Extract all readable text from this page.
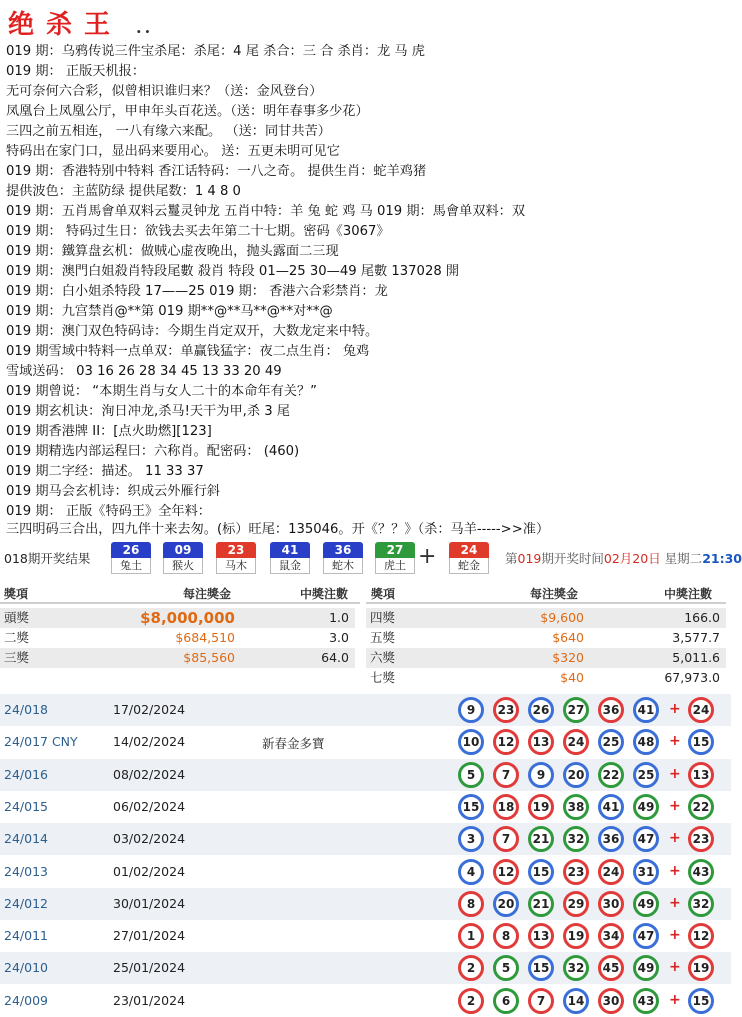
绝杀王 ..
019 期：乌鸦传说三件宝杀尾：杀尾：4 尾 杀合：三 合 杀肖：龙 马 虎
019 期： 正版天机报：
无可奈何六合彩，似曾相识谁归来？（送：金风登台）
凤凰台上凤凰公厅，甲申年头百花送。（送：明年春事多少花）
三四之前五相连， 一八有缘六来配。 （送：同甘共苦）
特码出在家门口，显出码来要用心。 送：五更未明可见它
019 期：香港特别中特料 香江话特码：一八之奇。 提供生肖：蛇羊鸡猪
提供波色：主蓝防绿 提供尾数：1 4 8 0
019 期：五肖馬會单双料云鬘灵钟龙 五肖中特：羊 兔 蛇 鸡 马 019 期：馬會单双料：双
019 期： 特码过生日：欲钱去买去年第二十七期。密码《3067》
019 期：鐵算盘玄机：做贼心虚夜晚出，抛头露面二三现
019 期：澳門白姐殺肖特段尾數 殺肖 特段 01—25 30—49 尾數 137028 開
019 期：白小姐杀特段 17——25 019 期： 香港六合彩禁肖：龙
019 期：九宫禁肖@**第 019 期**@**马**@**对**@
019 期：澳门双色特码诗：今期生肖定双开，大数龙定来中特。
019 期雪域中特料一点单双：单赢钱猛字：夜二点生肖： 兔鸡
雪域送码： 03 16 26 28 34 45 13 33 20 49
019 期曾说： “本期生肖与女人二十的本命年有关？”
019 期玄机诀：洵日冲龙,杀马!天干为甲,杀 3 尾
019 期香港牌 II：[点火助燃][123]
019 期精选内部运程曰：六称肖。配密码： (460)
019 期二字经：描述。 11 33 37
019 期马会玄机诗：织成云外雁行斜
019 期： 正版《特码王》全年料：
三四明码三合出，四九伴十来去匆。(标）旺尾：135046。开《？？》（杀：马羊----->>准）
018期开奖结果
26
兔土
09
猴火
23
马木
41
鼠金
36
蛇木
27
虎土
24
蛇金
+	第019期开奖时间02月20日 星期二21:30
獎項	每注獎金	中獎注數 獎項	每注獎金	中獎注數
頭獎	$8,000,000	1.0
二獎	$684,510	3.0
三獎	$85,560	64.0
四獎	$9,600	166.0
五獎	$640	3,577.7
六獎	$320	5,011.6
七獎	$40	67,973.0
24/018	17/02/2024	9	23	26	27	36	41	+ 24
24/017 CNY	14/02/2024	新春金多寶	10	12	13	24	25	48	+ 15
24/016	08/02/2024	5	7	9	20	22	25	+ 13
24/015	06/02/2024	15	18	19	38	41	49	+ 22
24/014	03/02/2024	3	7	21	32	36	47	+ 23
24/013	01/02/2024	4	12	15	23	24	31	+ 43
24/012	30/01/2024	8	20	21	29	30	49	+ 32
24/011	27/01/2024	1	8	13	19	34	47	+ 12
24/010	25/01/2024	2	5	15	32	45	49	+ 19
24/009	23/01/2024	2	6	7	14	30	43	+ 15
